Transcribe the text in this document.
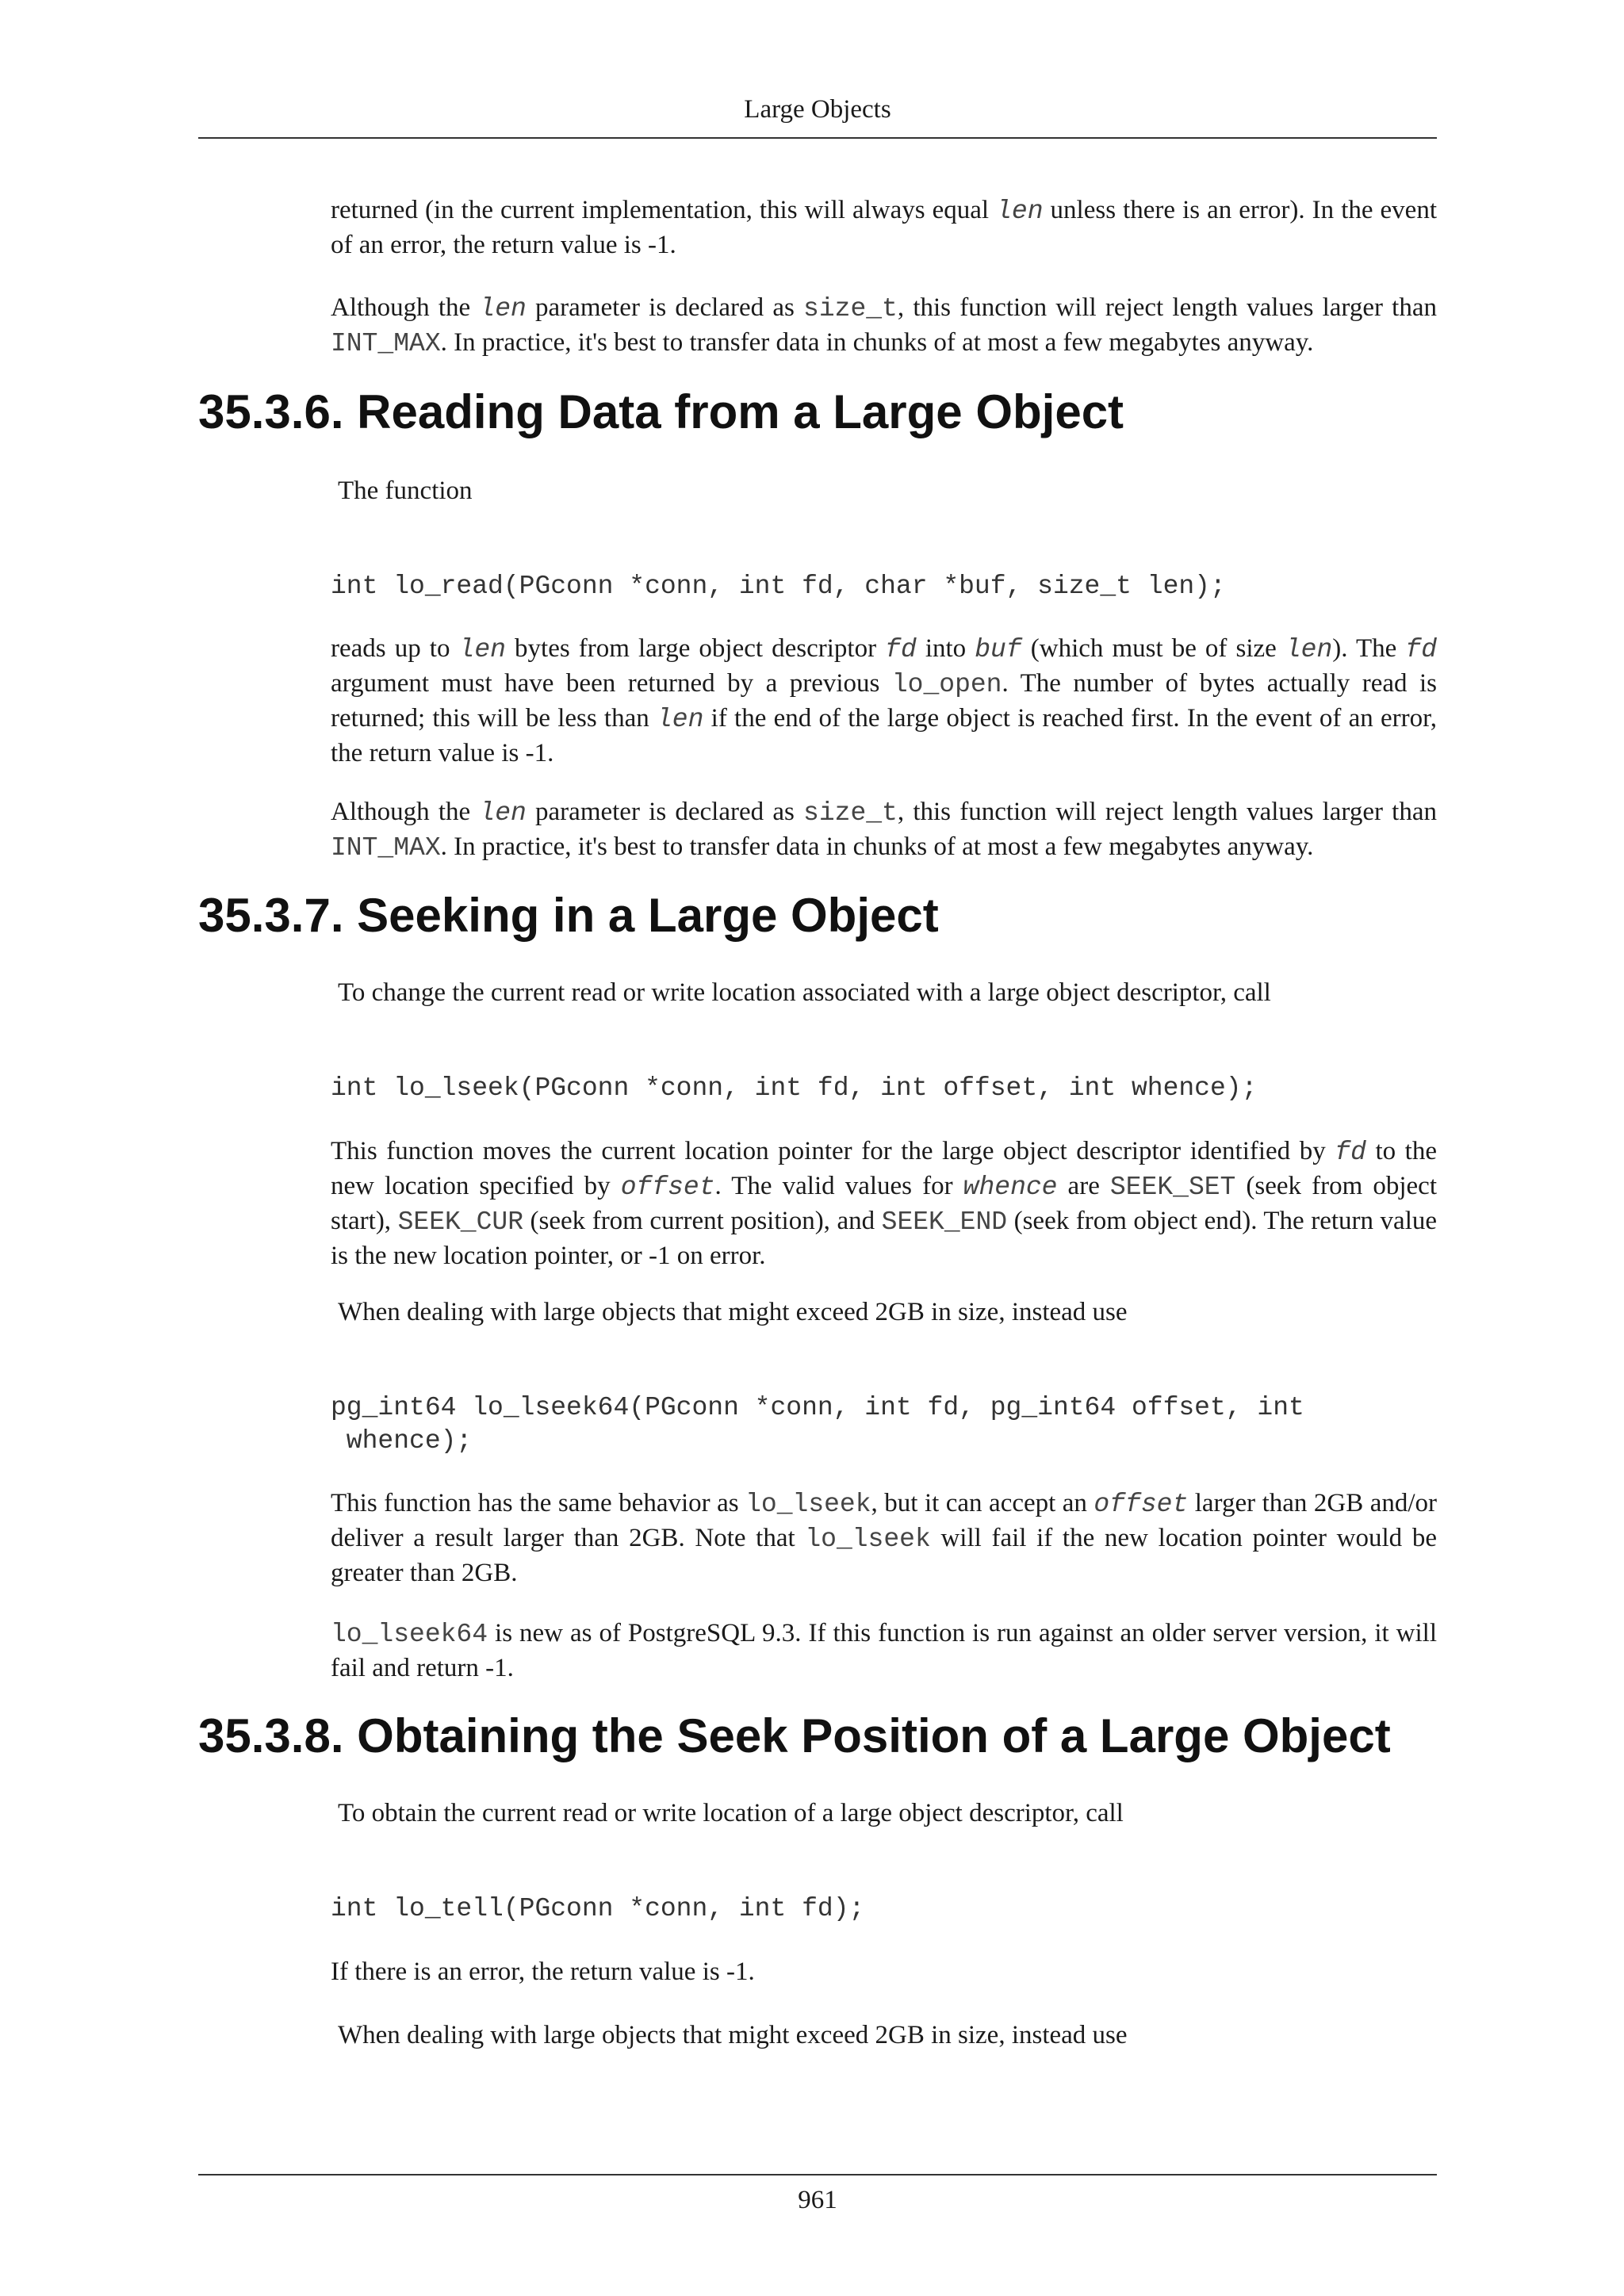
Large Objects

returned (in the current implementation, this will always equal len unless there is an error). In the event of an error, the return value is -1.

Although the len parameter is declared as size_t, this function will reject length values larger than INT_MAX. In practice, it's best to transfer data in chunks of at most a few megabytes anyway.

35.3.6. Reading Data from a Large Object

The function

int lo_read(PGconn *conn, int fd, char *buf, size_t len);

reads up to len bytes from large object descriptor fd into buf (which must be of size len). The fd argument must have been returned by a previous lo_open. The number of bytes actually read is returned; this will be less than len if the end of the large object is reached first. In the event of an error, the return value is -1.

Although the len parameter is declared as size_t, this function will reject length values larger than INT_MAX. In practice, it's best to transfer data in chunks of at most a few megabytes anyway.

35.3.7. Seeking in a Large Object

To change the current read or write location associated with a large object descriptor, call

int lo_lseek(PGconn *conn, int fd, int offset, int whence);

This function moves the current location pointer for the large object descriptor identified by fd to the new location specified by offset. The valid values for whence are SEEK_SET (seek from object start), SEEK_CUR (seek from current position), and SEEK_END (seek from object end). The return value is the new location pointer, or -1 on error.

When dealing with large objects that might exceed 2GB in size, instead use

pg_int64 lo_lseek64(PGconn *conn, int fd, pg_int64 offset, int
whence);

This function has the same behavior as lo_lseek, but it can accept an offset larger than 2GB and/or deliver a result larger than 2GB. Note that lo_lseek will fail if the new location pointer would be greater than 2GB.

lo_lseek64 is new as of PostgreSQL 9.3. If this function is run against an older server version, it will fail and return -1.

35.3.8. Obtaining the Seek Position of a Large Object

To obtain the current read or write location of a large object descriptor, call

int lo_tell(PGconn *conn, int fd);

If there is an error, the return value is -1.

When dealing with large objects that might exceed 2GB in size, instead use

961
